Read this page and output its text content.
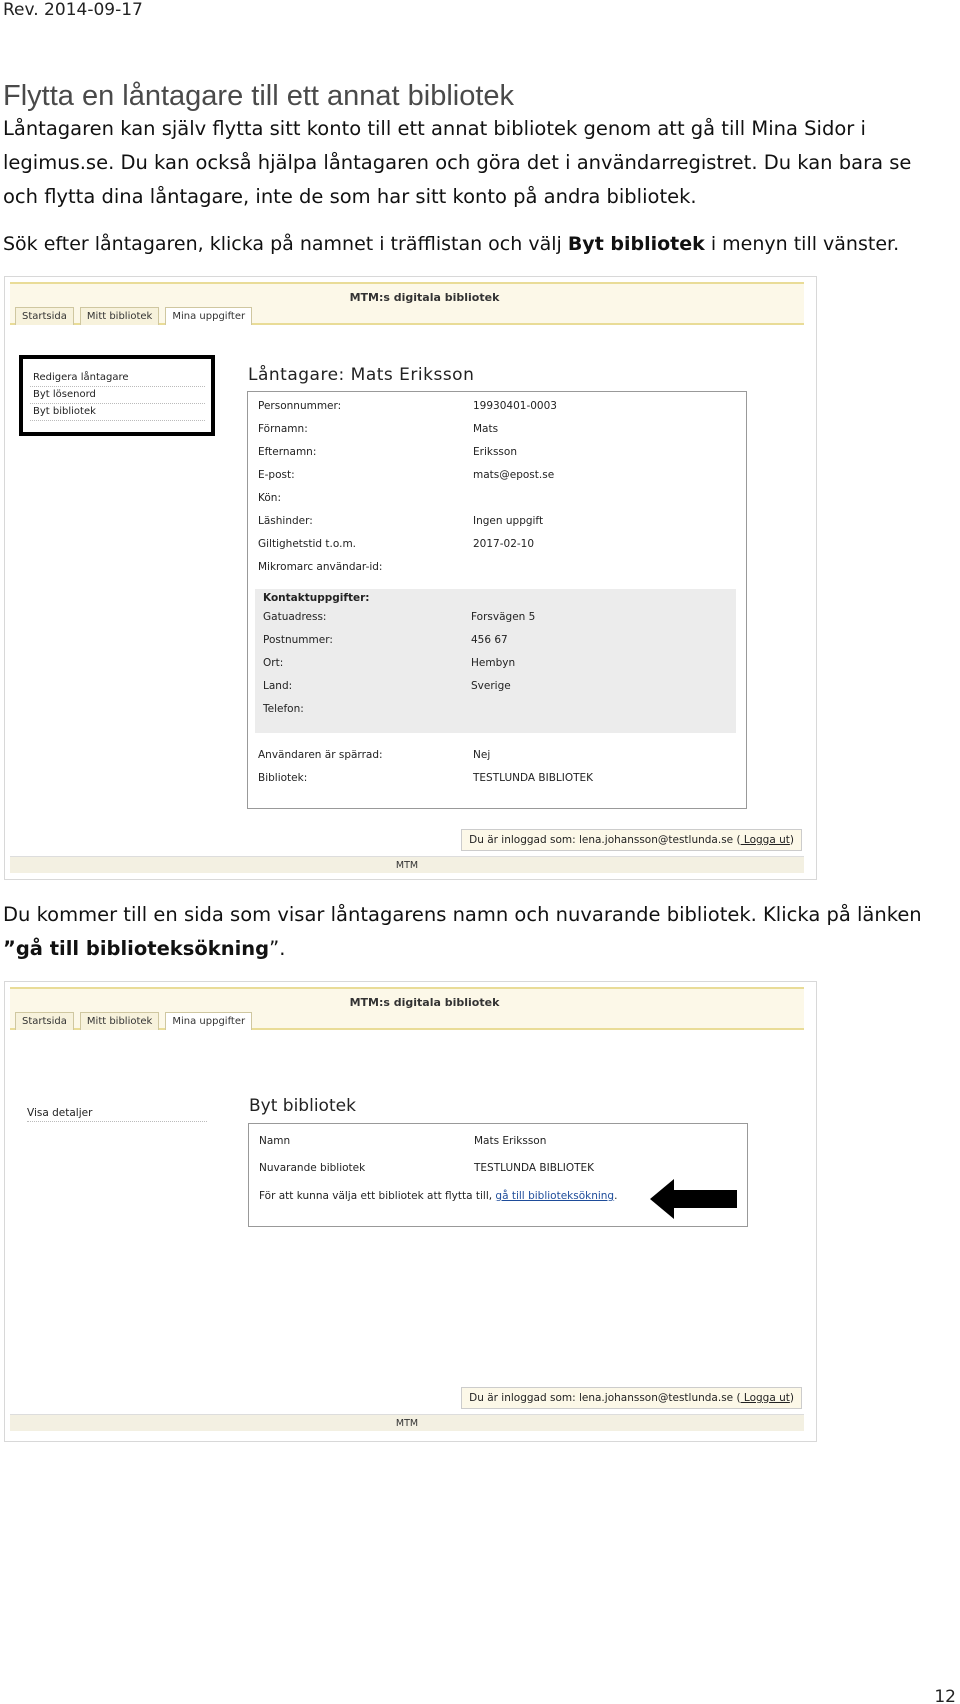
Rev. 2014-09-17
Flytta en låntagare till ett annat bibliotek
Låntagaren kan själv flytta sitt konto till ett annat bibliotek genom att gå till Mina Sidor i legimus.se. Du kan också hjälpa låntagaren och göra det i användarregistret. Du kan bara se och flytta dina låntagare, inte de som har sitt konto på andra bibliotek.
Sök efter låntagaren, klicka på namnet i träfflistan och välj Byt bibliotek i menyn till vänster.
MTM:s digitala bibliotek
Startsida	Mitt bibliotek	Mina uppgifter
Redigera låntagare
Byt lösenord
Byt bibliotek
Låntagare: Mats Eriksson
Personnummer:	19930401-0003
Förnamn:	Mats
Efternamn:	Eriksson
E-post:	mats@epost.se
Kön:
Läshinder:	Ingen uppgift
Giltighetstid t.o.m.	2017-02-10
Mikromarc användar-id:
Kontaktuppgifter:
Gatuadress:	Forsvägen 5
Postnummer:	456 67
Ort:	Hembyn
Land:	Sverige
Telefon:
Användaren är spärrad:	Nej
Bibliotek:	TESTLUNDA BIBLIOTEK
Du är inloggad som: lena.johansson@testlunda.se ( Logga ut)
MTM
Du kommer till en sida som visar låntagarens namn och nuvarande bibliotek. Klicka på länken ”gå till biblioteksökning”.
MTM:s digitala bibliotek
Startsida	Mitt bibliotek	Mina uppgifter
Visa detaljer	Byt bibliotek
Namn	Mats Eriksson
Nuvarande bibliotek	TESTLUNDA BIBLIOTEK
För att kunna välja ett bibliotek att flytta till, gå till biblioteksökning.
Du är inloggad som: lena.johansson@testlunda.se ( Logga ut)
MTM
12
